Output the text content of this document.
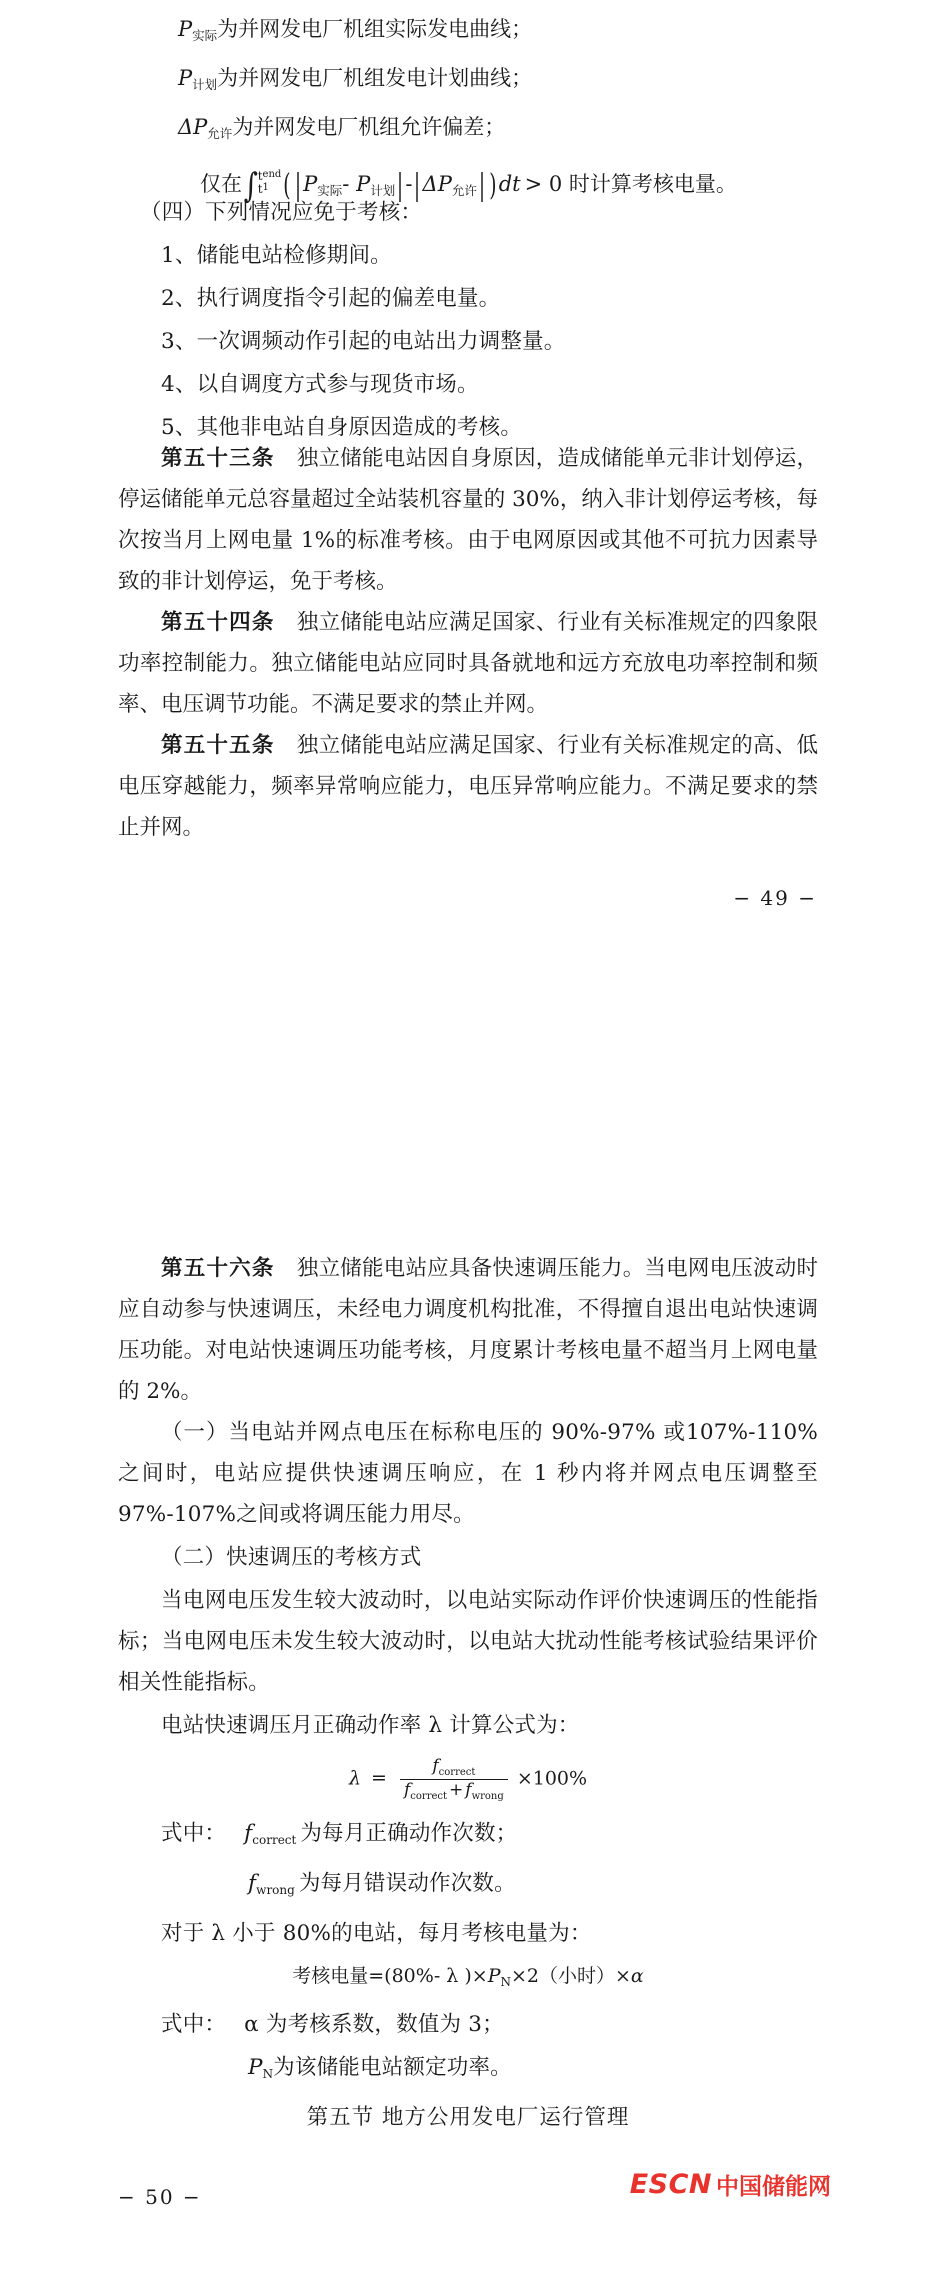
$P_{实际}$为并网发电厂机组实际发电曲线；
$P_{计划}$为并网发电厂机组发电计划曲线；
$\Delta P_{允许}$为并网发电厂机组允许偏差；
仅在$\int t^{end}$
$t^1$ ( $|P_{实际}-$ $P_{计划}|-|\Delta P_{允许}|$ ) dt > 0 时计算考核电量。

（四）下列情况应免于考核：

1、储能电站检修期间。

2、执行调度指令引起的偏差电量。

3、一次调频动作引起的电站出力调整量。

4、以自调度方式参与现货市场。

5、其他非电站自身原因造成的考核。

第五十三条 独立储能电站因自身原因，造成储能单元非计划停运，停运储能单元总容量超过全站装机容量的 30%，纳入非计划停运考核，每次按当月上网电量 1%的标准考核。由于电网原因或其他不可抗力因素导致的非计划停运，免于考核。

第五十四条 独立储能电站应满足国家、行业有关标准规定的四象限功率控制能力。独立储能电站应同时具备就地和远方充放电功率控制和频率、电压调节功能。不满足要求的禁止并网。

第五十五条 独立储能电站应满足国家、行业有关标准规定的高、低电压穿越能力，频率异常响应能力，电压异常响应能力。不满足要求的禁止并网。

− 49 −

第五十六条 独立储能电站应具备快速调压能力。当电网电压波动时应自动参与快速调压，未经电力调度机构批准，不得擅自退出电站快速调压功能。对电站快速调压功能考核，月度累计考核电量不超当月上网电量的 2%。

（一）当电站并网点电压在标称电压的 90%-97% 或107%-110%之间时，电站应提供快速调压响应，在 1 秒内将并网点电压调整至 97%-107%之间或将调压能力用尽。

（二）快速调压的考核方式

当电网电压发生较大波动时，以电站实际动作评价快速调压的性能指标；当电网电压未发生较大波动时，以电站大扰动性能考核试验结果评价相关性能指标。

电站快速调压月正确动作率 λ 计算公式为：

$\lambda = \frac{f_{correct}}{f_{correct} + f_{wrong}} \times 100\%$

式中： $f_{correct}$ 为每月正确动作次数；

$f_{wrong}$ 为每月错误动作次数。

对于 λ 小于 80%的电站，每月考核电量为：

考核电量=(80%- λ )$\times P_N\times 2$（小时）×α

式中： α 为考核系数，数值为 3；

$P_N$为该储能电站额定功率。

第五节 地方公用发电厂运行管理

− 50 −	ESCN 中国储能网
